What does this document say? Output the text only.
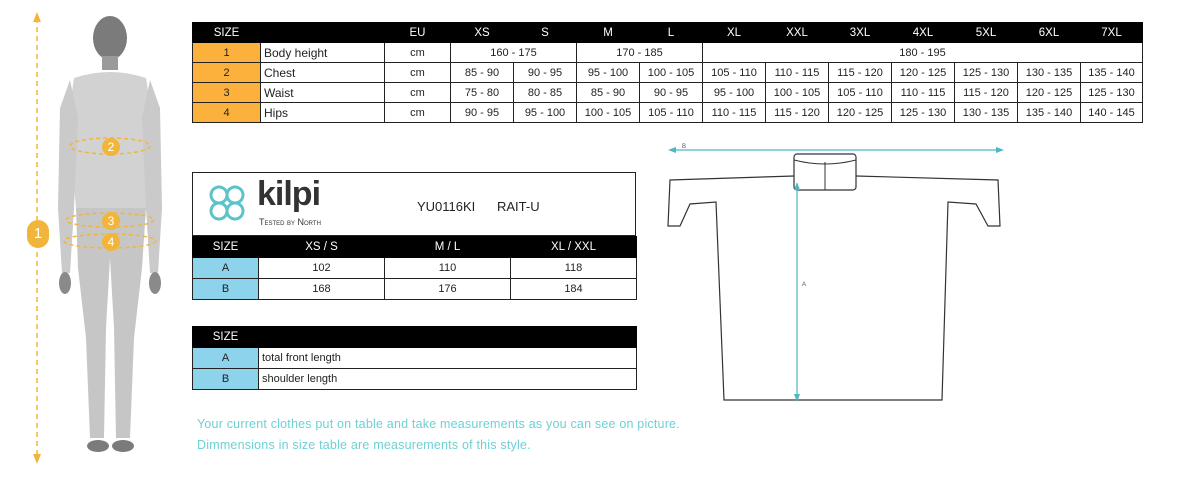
1
2
3
4
SIZE		EU	XS	S	M	L	XL	XXL	3XL	4XL	5XL	6XL	7XL
1	Body height	cm	160 - 175		170 - 185		180 - 195						
2	Chest	cm	85 - 90	90 - 95	95 - 100	100 - 105	105 - 110	110 - 115	115 - 120	120 - 125	125 - 130	130 - 135	135 - 140
3	Waist	cm	75 - 80	80 - 85	85 - 90	90 - 95	95 - 100	100 - 105	105 - 110	110 - 115	115 - 120	120 - 125	125 - 130
4	Hips	cm	90 - 95	95 - 100	100 - 105	105 - 110	110 - 115	115 - 120	120 - 125	125 - 130	130 - 135	135 - 140	140 - 145
kilpi
Tested by North
YU0116KI RAIT-U
SIZE	XS / S	M / L	XL / XXL
A	102	110	118
B	168	176	184
SIZE	
A	total front length
B	shoulder length
Your current clothes put on table and take measurements as you can see on picture.
Dimmensions in size table are measurements of this style.
B
A
